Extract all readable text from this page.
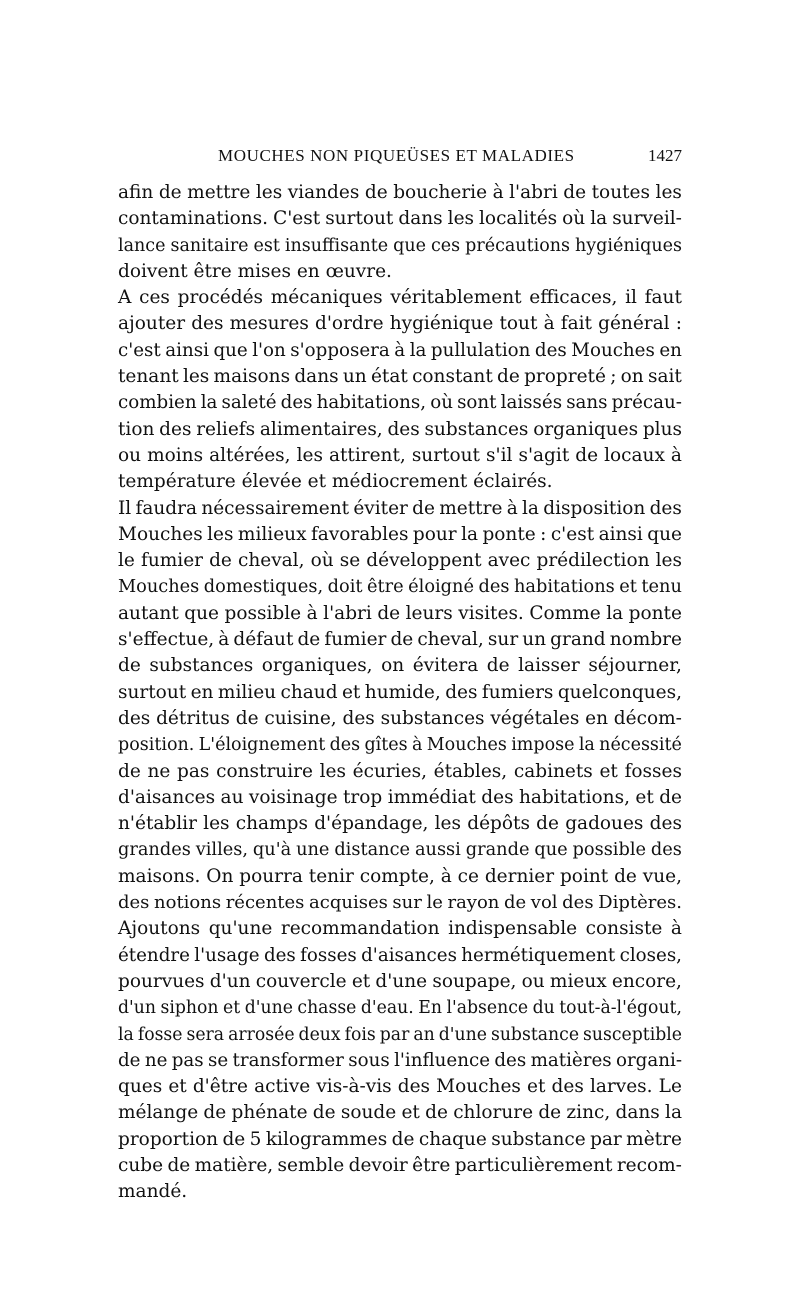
MOUCHES NON PIQUEÜSES ET MALADIES	1427
afin de mettre les viandes de boucherie à l'abri de toutes les
contaminations. C'est surtout dans les localités où la surveil-
lance sanitaire est insuffisante que ces précautions hygiéniques
doivent être mises en œuvre.
A ces procédés mécaniques véritablement efficaces, il faut
ajouter des mesures d'ordre hygiénique tout à fait général :
c'est ainsi que l'on s'opposera à la pullulation des Mouches en
tenant les maisons dans un état constant de propreté ; on sait
combien la saleté des habitations, où sont laissés sans précau-
tion des reliefs alimentaires, des substances organiques plus
ou moins altérées, les attirent, surtout s'il s'agit de locaux à
température élevée et médiocrement éclairés.
Il faudra nécessairement éviter de mettre à la disposition des
Mouches les milieux favorables pour la ponte : c'est ainsi que
le fumier de cheval, où se développent avec prédilection les
Mouches domestiques, doit être éloigné des habitations et tenu
autant que possible à l'abri de leurs visites. Comme la ponte
s'effectue, à défaut de fumier de cheval, sur un grand nombre
de substances organiques, on évitera de laisser séjourner,
surtout en milieu chaud et humide, des fumiers quelconques,
des détritus de cuisine, des substances végétales en décom-
position. L'éloignement des gîtes à Mouches impose la nécessité
de ne pas construire les écuries, étables, cabinets et fosses
d'aisances au voisinage trop immédiat des habitations, et de
n'établir les champs d'épandage, les dépôts de gadoues des
grandes villes, qu'à une distance aussi grande que possible des
maisons. On pourra tenir compte, à ce dernier point de vue,
des notions récentes acquises sur le rayon de vol des Diptères.
Ajoutons qu'une recommandation indispensable consiste à
étendre l'usage des fosses d'aisances hermétiquement closes,
pourvues d'un couvercle et d'une soupape, ou mieux encore,
d'un siphon et d'une chasse d'eau. En l'absence du tout-à-l'égout,
la fosse sera arrosée deux fois par an d'une substance susceptible
de ne pas se transformer sous l'influence des matières organi-
ques et d'être active vis-à-vis des Mouches et des larves. Le
mélange de phénate de soude et de chlorure de zinc, dans la
proportion de 5 kilogrammes de chaque substance par mètre
cube de matière, semble devoir être particulièrement recom-
mandé.
